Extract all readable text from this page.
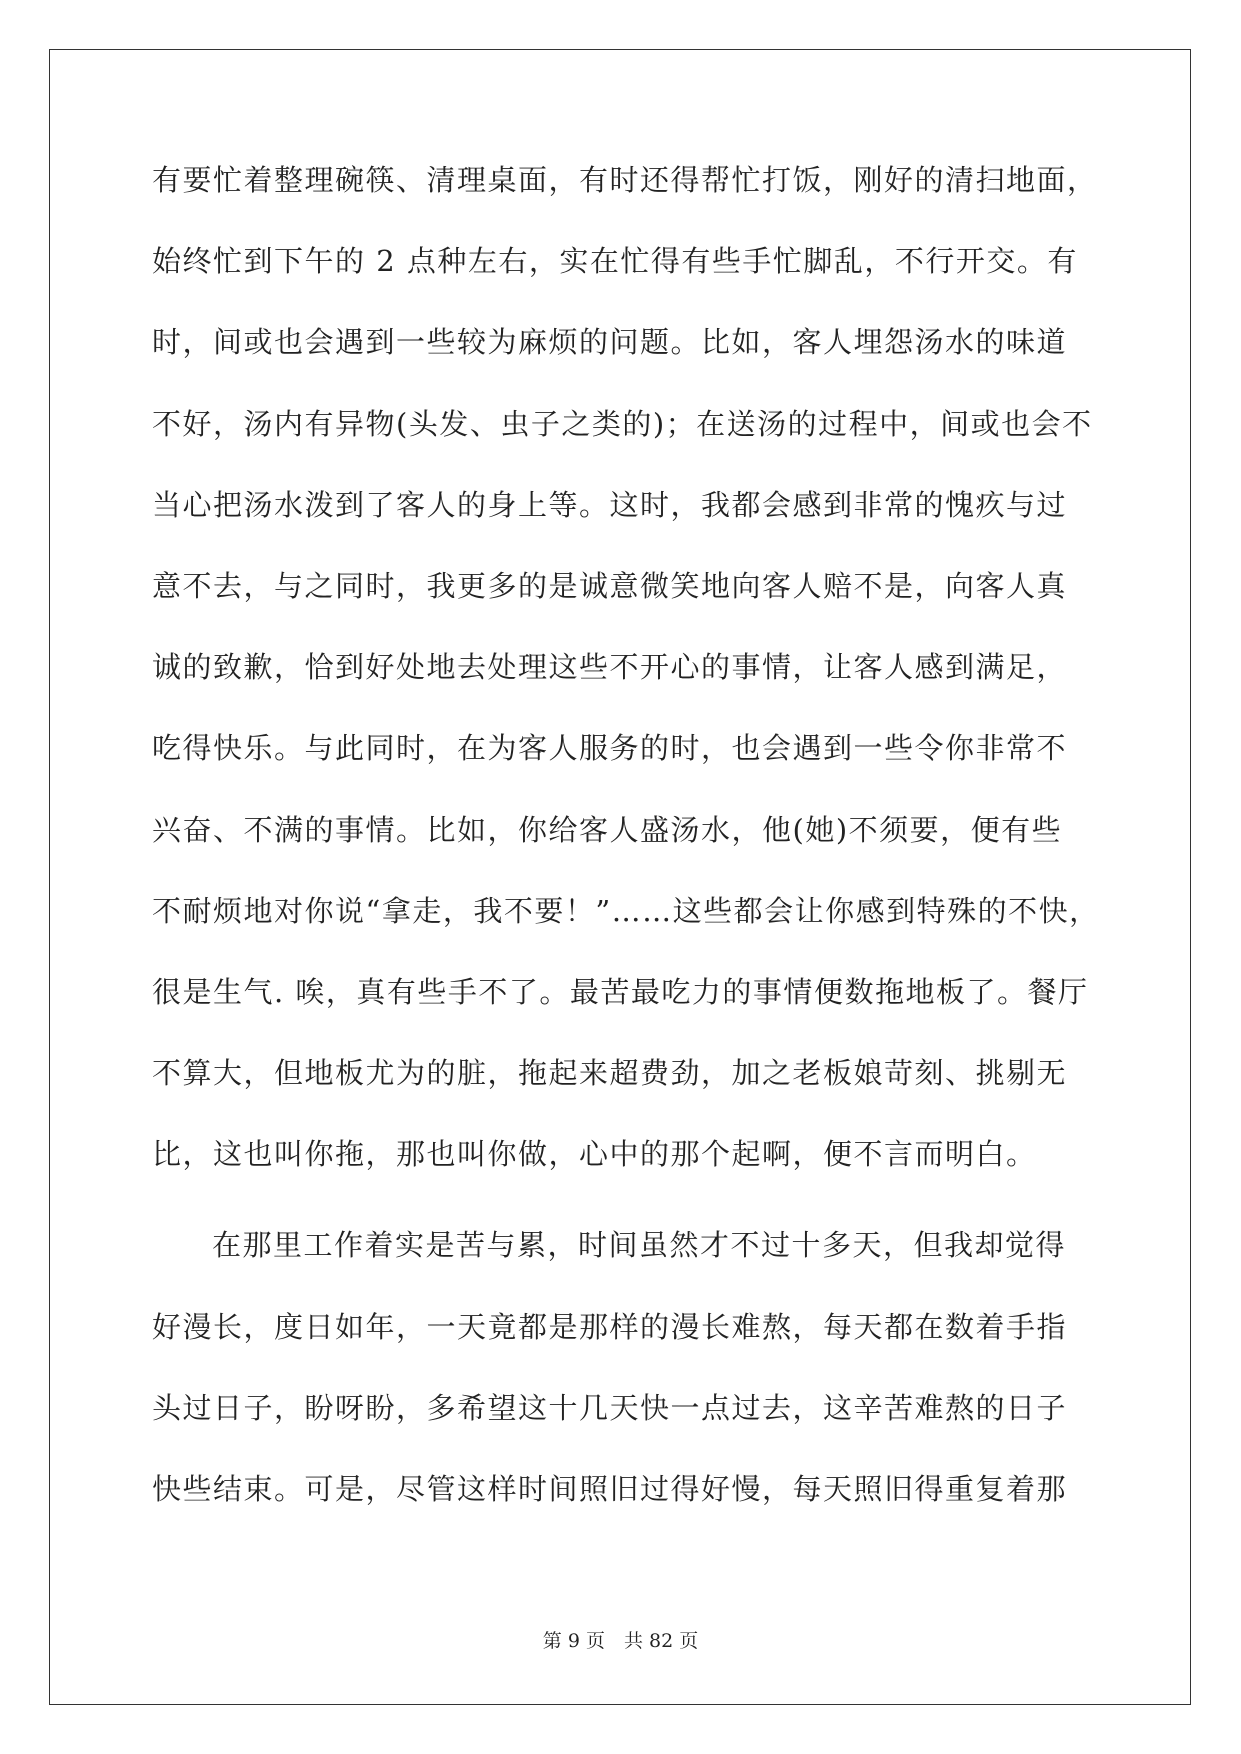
有要忙着整理碗筷、清理桌面，有时还得帮忙打饭，刚好的清扫地面，
始终忙到下午的 2 点种左右，实在忙得有些手忙脚乱，不行开交。有
时，间或也会遇到一些较为麻烦的问题。比如，客人埋怨汤水的味道
不好，汤内有异物(头发、虫子之类的)；在送汤的过程中，间或也会不
当心把汤水泼到了客人的身上等。这时，我都会感到非常的愧疚与过
意不去，与之同时，我更多的是诚意微笑地向客人赔不是，向客人真
诚的致歉，恰到好处地去处理这些不开心的事情，让客人感到满足，
吃得快乐。与此同时，在为客人服务的时，也会遇到一些令你非常不
兴奋、不满的事情。比如，你给客人盛汤水，他(她)不须要，便有些
不耐烦地对你说“拿走，我不要！”……这些都会让你感到特殊的不快，
很是生气. 唉，真有些手不了。最苦最吃力的事情便数拖地板了。餐厅
不算大，但地板尤为的脏，拖起来超费劲，加之老板娘苛刻、挑剔无
比，这也叫你拖，那也叫你做，心中的那个起啊，便不言而明白。
在那里工作着实是苦与累，时间虽然才不过十多天，但我却觉得
好漫长，度日如年，一天竟都是那样的漫长难熬，每天都在数着手指
头过日子，盼呀盼，多希望这十几天快一点过去，这辛苦难熬的日子
快些结束。可是，尽管这样时间照旧过得好慢，每天照旧得重复着那
第 9 页　共 82 页
